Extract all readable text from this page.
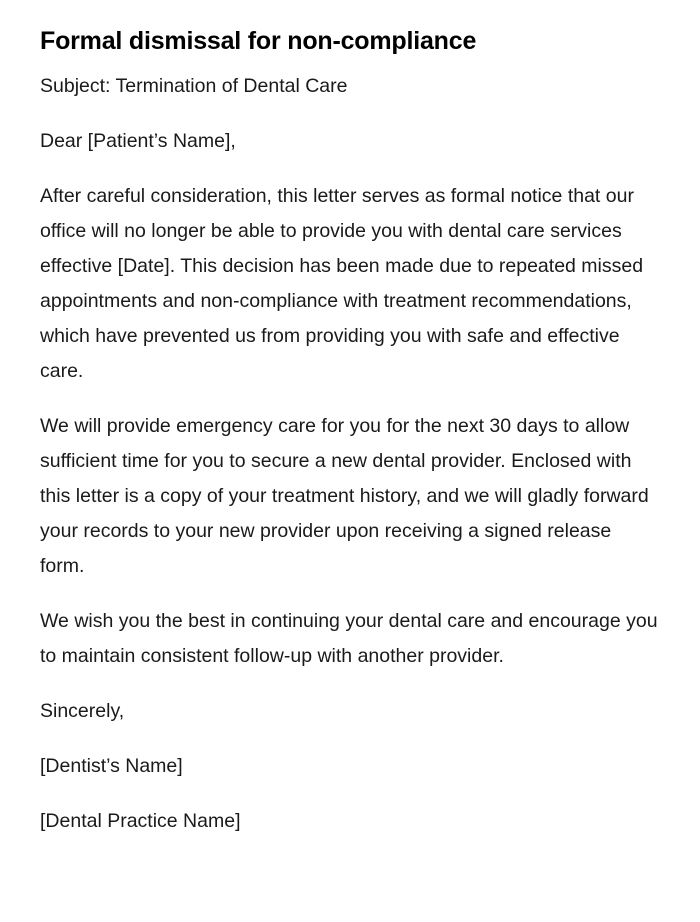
Formal dismissal for non-compliance

Subject: Termination of Dental Care

Dear [Patient’s Name],

After careful consideration, this letter serves as formal notice that our office will no longer be able to provide you with dental care services effective [Date]. This decision has been made due to repeated missed appointments and non-compliance with treatment recommendations, which have prevented us from providing you with safe and effective care.

We will provide emergency care for you for the next 30 days to allow sufficient time for you to secure a new dental provider. Enclosed with this letter is a copy of your treatment history, and we will gladly forward your records to your new provider upon receiving a signed release form.

We wish you the best in continuing your dental care and encourage you to maintain consistent follow-up with another provider.

Sincerely,

[Dentist’s Name]

[Dental Practice Name]
